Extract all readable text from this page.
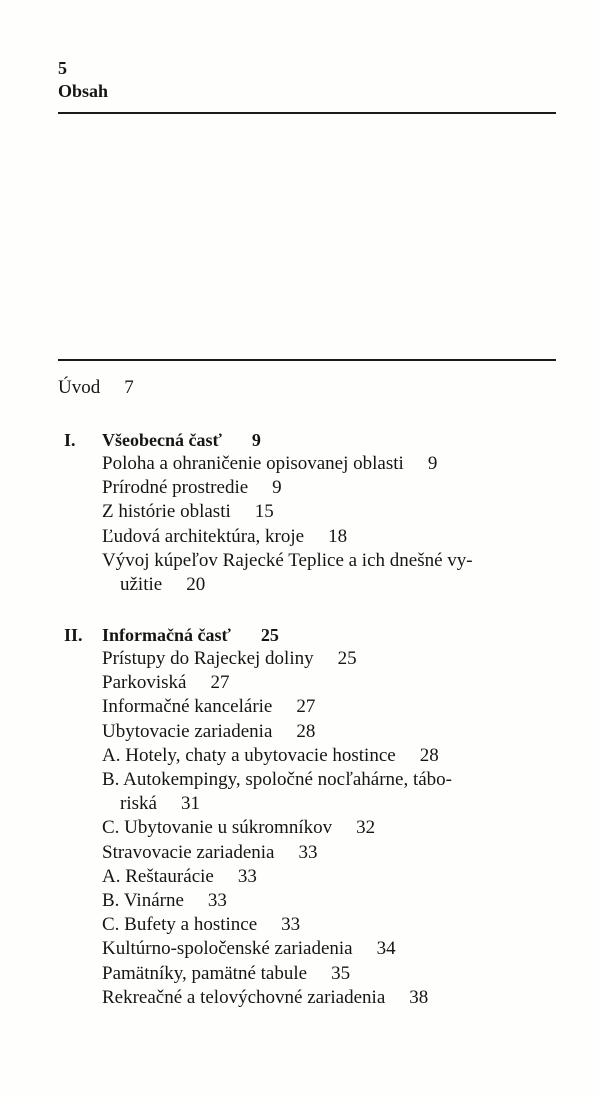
5
Obsah
Úvod 7
I. Všeobecná časť 9
Poloha a ohraničenie opisovanej oblasti 9
Prírodné prostredie 9
Z histórie oblasti 15
Ľudová architektúra, kroje 18
Vývoj kúpeľov Rajecké Teplice a ich dnešné vy-
užitie 20
II. Informačná časť 25
Prístupy do Rajeckej doliny 25
Parkoviská 27
Informačné kancelárie 27
Ubytovacie zariadenia 28
A. Hotely, chaty a ubytovacie hostince 28
B. Autokempingy, spoločné nocľahárne, tábo-
riská 31
C. Ubytovanie u súkromníkov 32
Stravovacie zariadenia 33
A. Reštaurácie 33
B. Vinárne 33
C. Bufety a hostince 33
Kultúrno-spoločenské zariadenia 34
Pamätníky, pamätné tabule 35
Rekreačné a telovýchovné zariadenia 38
